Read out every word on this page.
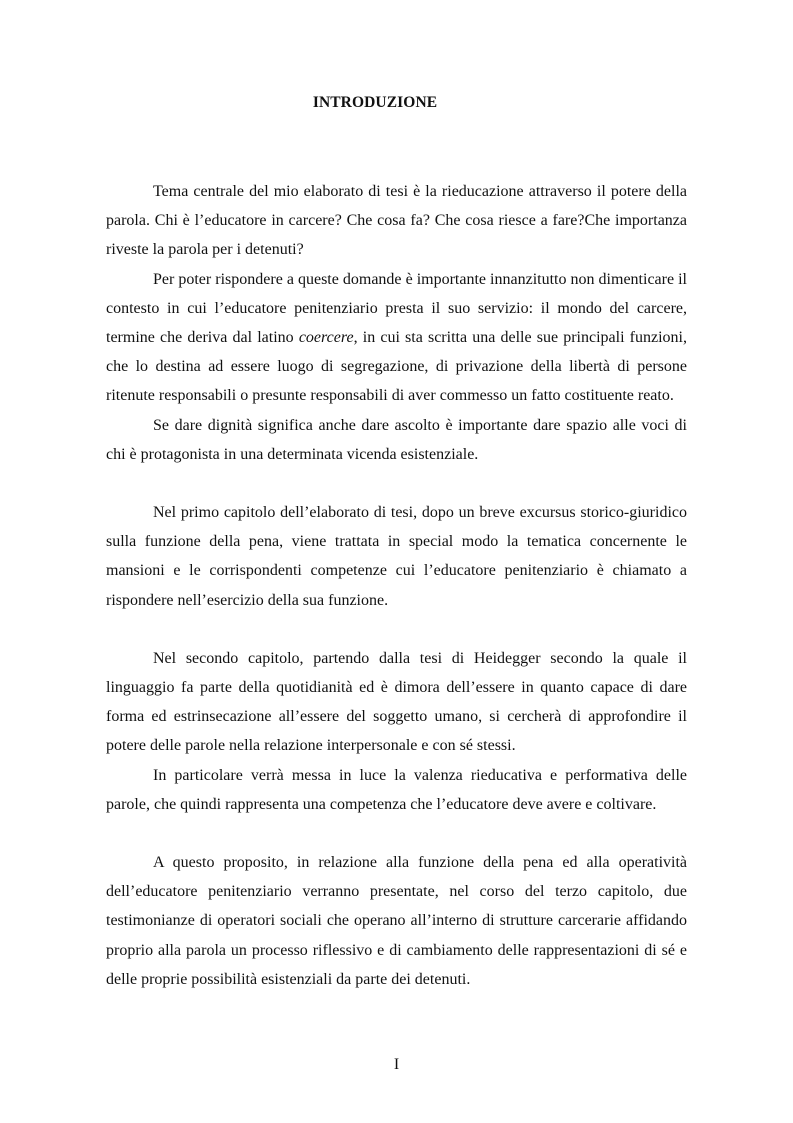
INTRODUZIONE

Tema centrale del mio elaborato di tesi è la rieducazione attraverso il potere della parola. Chi è l’educatore in carcere? Che cosa fa? Che cosa riesce a fare?Che importanza riveste la parola per i detenuti?

Per poter rispondere a queste domande è importante innanzitutto non dimenticare il contesto in cui l’educatore penitenziario presta il suo servizio: il mondo del carcere, termine che deriva dal latino coercere, in cui sta scritta una delle sue principali funzioni, che lo destina ad essere luogo di segregazione, di privazione della libertà di persone ritenute responsabili o presunte responsabili di aver commesso un fatto costituente reato.

Se dare dignità significa anche dare ascolto è importante dare spazio alle voci di chi è protagonista in una determinata vicenda esistenziale.

Nel primo capitolo dell’elaborato di tesi, dopo un breve excursus storico-giuridico sulla funzione della pena, viene trattata in special modo la tematica concernente le mansioni e le corrispondenti competenze cui l’educatore penitenziario è chiamato a rispondere nell’esercizio della sua funzione.

Nel secondo capitolo, partendo dalla tesi di Heidegger secondo la quale il linguaggio fa parte della quotidianità ed è dimora dell’essere in quanto capace di dare forma ed estrinsecazione all’essere del soggetto umano, si cercherà di approfondire il potere delle parole nella relazione interpersonale e con sé stessi.

In particolare verrà messa in luce la valenza rieducativa e performativa delle parole, che quindi rappresenta una competenza che l’educatore deve avere e coltivare.

A questo proposito, in relazione alla funzione della pena ed alla operatività dell’educatore penitenziario verranno presentate, nel corso del terzo capitolo, due testimonianze di operatori sociali che operano all’interno di strutture carcerarie affidando proprio alla parola un processo riflessivo e di cambiamento delle rappresentazioni di sé e delle proprie possibilità esistenziali da parte dei detenuti.

I
